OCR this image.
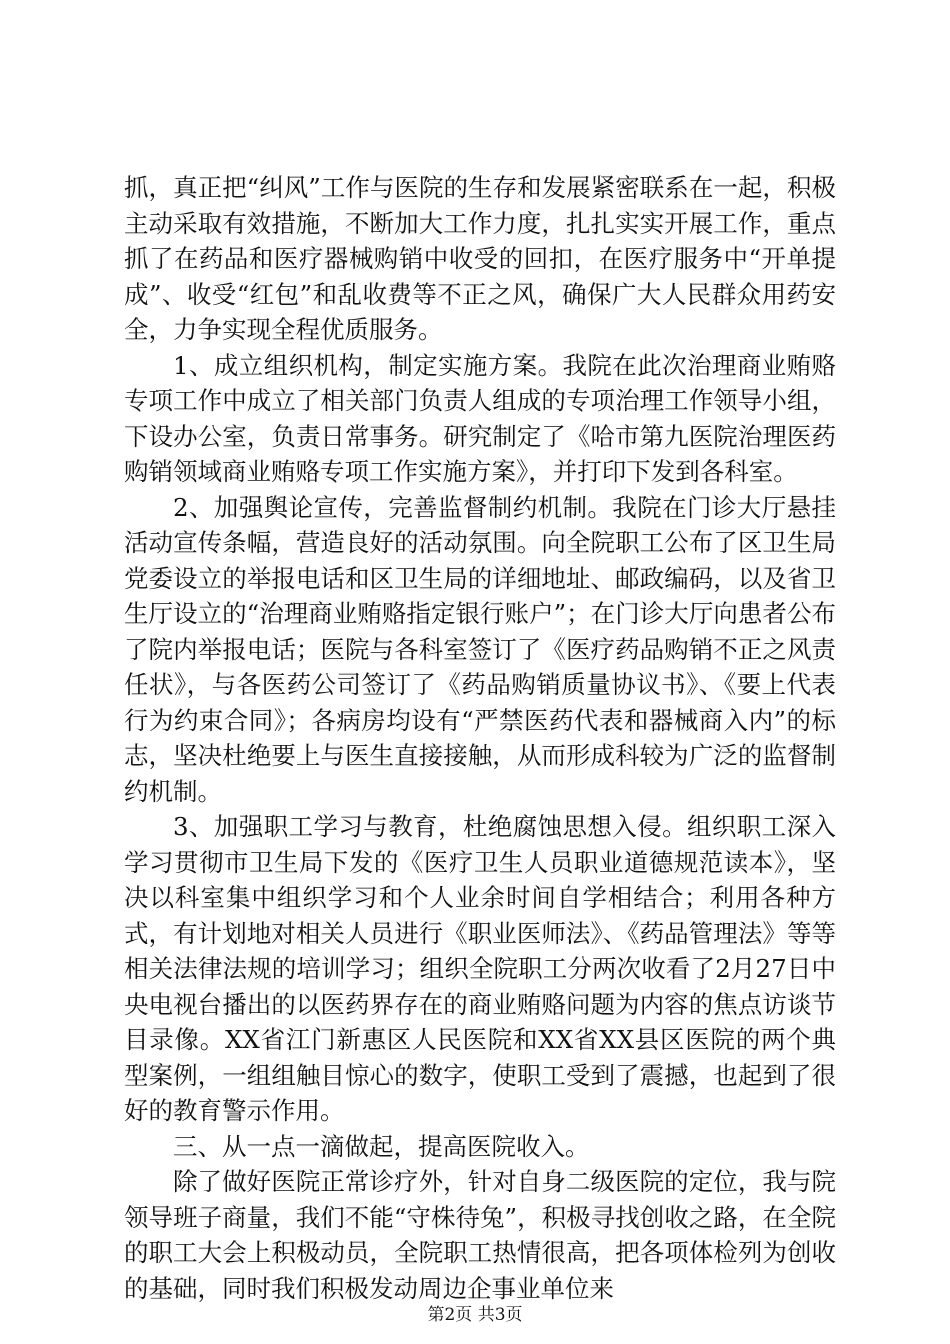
抓，真正把“纠风”工作与医院的生存和发展紧密联系在一起，积极主动采取有效措施，不断加大工作力度，扎扎实实开展工作，重点抓了在药品和医疗器械购销中收受的回扣，在医疗服务中“开单提成”、收受“红包”和乱收费等不正之风，确保广大人民群众用药安全，力争实现全程优质服务。

1、成立组织机构，制定实施方案。我院在此次治理商业贿赂专项工作中成立了相关部门负责人组成的专项治理工作领导小组，下设办公室，负责日常事务。研究制定了《哈市第九医院治理医药购销领域商业贿赂专项工作实施方案》，并打印下发到各科室。

2、加强舆论宣传，完善监督制约机制。我院在门诊大厅悬挂活动宣传条幅，营造良好的活动氛围。向全院职工公布了区卫生局党委设立的举报电话和区卫生局的详细地址、邮政编码，以及省卫生厅设立的“治理商业贿赂指定银行账户”；在门诊大厅向患者公布了院内举报电话；医院与各科室签订了《医疗药品购销不正之风责任状》，与各医药公司签订了《药品购销质量协议书》、《要上代表行为约束合同》；各病房均设有“严禁医药代表和器械商入内”的标志，坚决杜绝要上与医生直接接触，从而形成科较为广泛的监督制约机制。

3、加强职工学习与教育，杜绝腐蚀思想入侵。组织职工深入学习贯彻市卫生局下发的《医疗卫生人员职业道德规范读本》，坚决以科室集中组织学习和个人业余时间自学相结合；利用各种方式，有计划地对相关人员进行《职业医师法》、《药品管理法》等等相关法律法规的培训学习；组织全院职工分两次收看了2月27日中央电视台播出的以医药界存在的商业贿赂问题为内容的焦点访谈节目录像。XX省江门新惠区人民医院和XX省XX县区医院的两个典型案例，一组组触目惊心的数字，使职工受到了震撼，也起到了很好的教育警示作用。

三、从一点一滴做起，提高医院收入。

除了做好医院正常诊疗外，针对自身二级医院的定位，我与院领导班子商量，我们不能“守株待兔”，积极寻找创收之路，在全院的职工大会上积极动员，全院职工热情很高，把各项体检列为创收的基础，同时我们积极发动周边企事业单位来

第2页 共3页
